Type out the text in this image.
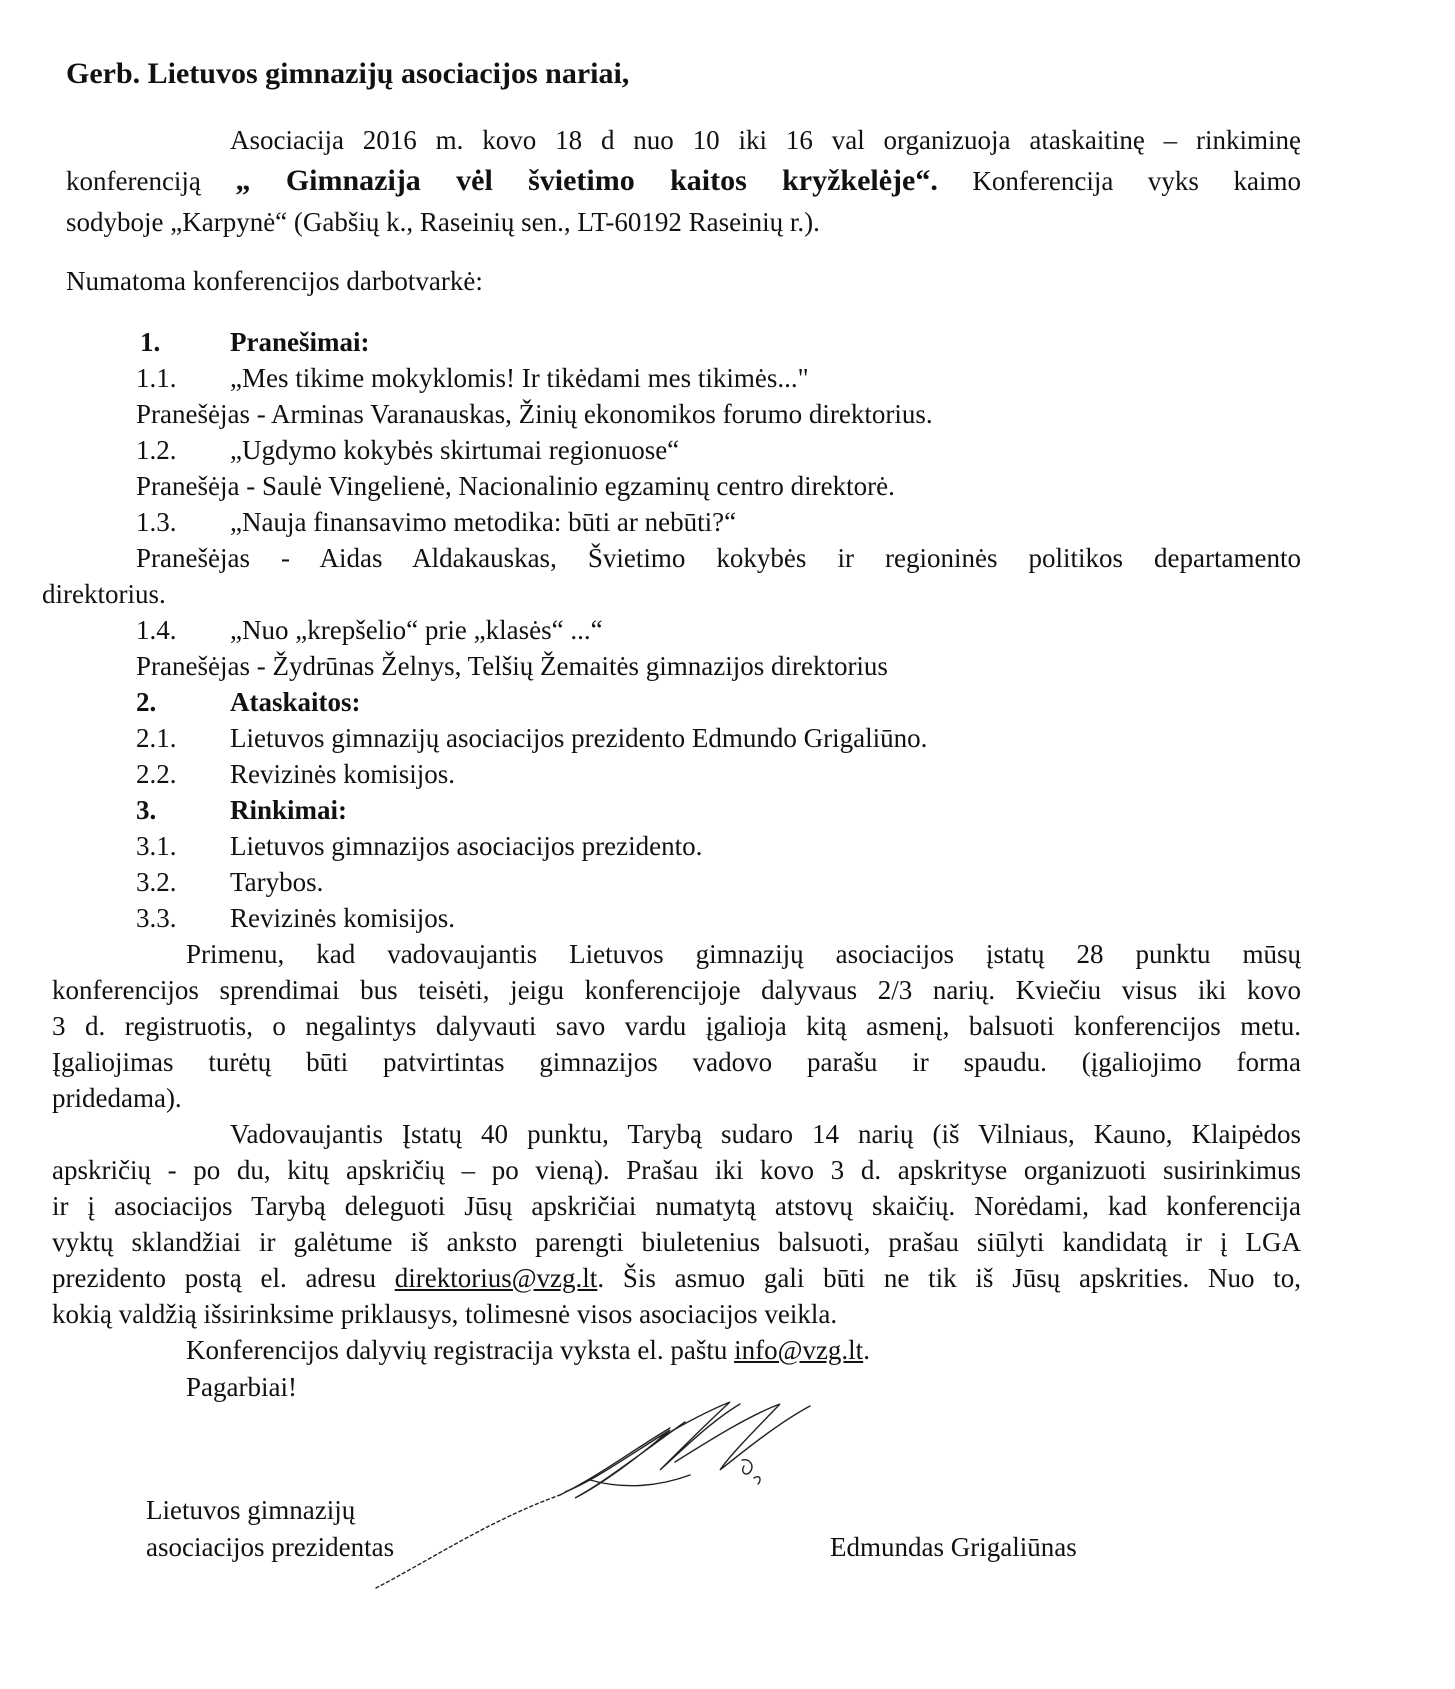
Gerb. Lietuvos gimnazijų asociacijos nariai,
Asociacija 2016 m. kovo 18 d nuo 10 iki 16 val organizuoja ataskaitinę – rinkiminę
konferenciją „ Gimnazija vėl švietimo kaitos kryžkelėje“. Konferencija vyks kaimo
sodyboje „Karpynė“ (Gabšių k., Raseinių sen., LT-60192 Raseinių r.).
Numatoma konferencijos darbotvarkė:
1.	Pranešimai:
1.1. „Mes tikime mokyklomis! Ir tikėdami mes tikimės..."
Pranešėjas - Arminas Varanauskas, Žinių ekonomikos forumo direktorius.
1.2. „Ugdymo kokybės skirtumai regionuose“
Pranešėja - Saulė Vingelienė, Nacionalinio egzaminų centro direktorė.
1.3. „Nauja finansavimo metodika: būti ar nebūti?“
Pranešėjas - Aidas Aldakauskas, Švietimo kokybės ir regioninės politikos departamento
direktorius.
1.4. „Nuo „krepšelio“ prie „klasės“ ...“
Pranešėjas - Žydrūnas Želnys, Telšių Žemaitės gimnazijos direktorius
2.	Ataskaitos:
2.1. Lietuvos gimnazijų asociacijos prezidento Edmundo Grigaliūno.
2.2. Revizinės komisijos.
3.	Rinkimai:
3.1. Lietuvos gimnazijos asociacijos prezidento.
3.2. Tarybos.
3.3. Revizinės komisijos.
Primenu, kad vadovaujantis Lietuvos gimnazijų asociacijos įstatų 28 punktu mūsų
konferencijos sprendimai bus teisėti, jeigu konferencijoje dalyvaus 2/3 narių. Kviečiu visus iki kovo
3 d. registruotis, o negalintys dalyvauti savo vardu įgalioja kitą asmenį, balsuoti konferencijos metu.
Įgaliojimas turėtų būti patvirtintas gimnazijos vadovo parašu ir spaudu. (įgaliojimo forma
pridedama).
Vadovaujantis Įstatų 40 punktu, Tarybą sudaro 14 narių (iš Vilniaus, Kauno, Klaipėdos
apskričių - po du, kitų apskričių – po vieną). Prašau iki kovo 3 d. apskrityse organizuoti susirinkimus
ir į asociacijos Tarybą deleguoti Jūsų apskričiai numatytą atstovų skaičių. Norėdami, kad konferencija
vyktų sklandžiai ir galėtume iš anksto parengti biuletenius balsuoti, prašau siūlyti kandidatą ir į LGA
prezidento postą el. adresu direktorius@vzg.lt. Šis asmuo gali būti ne tik iš Jūsų apskrities. Nuo to,
kokią valdžią išsirinksime priklausys, tolimesnė visos asociacijos veikla.
Konferencijos dalyvių registracija vyksta el. paštu info@vzg.lt.
Pagarbiai!
Lietuvos gimnazijų
asociacijos prezidentas	Edmundas Grigaliūnas
